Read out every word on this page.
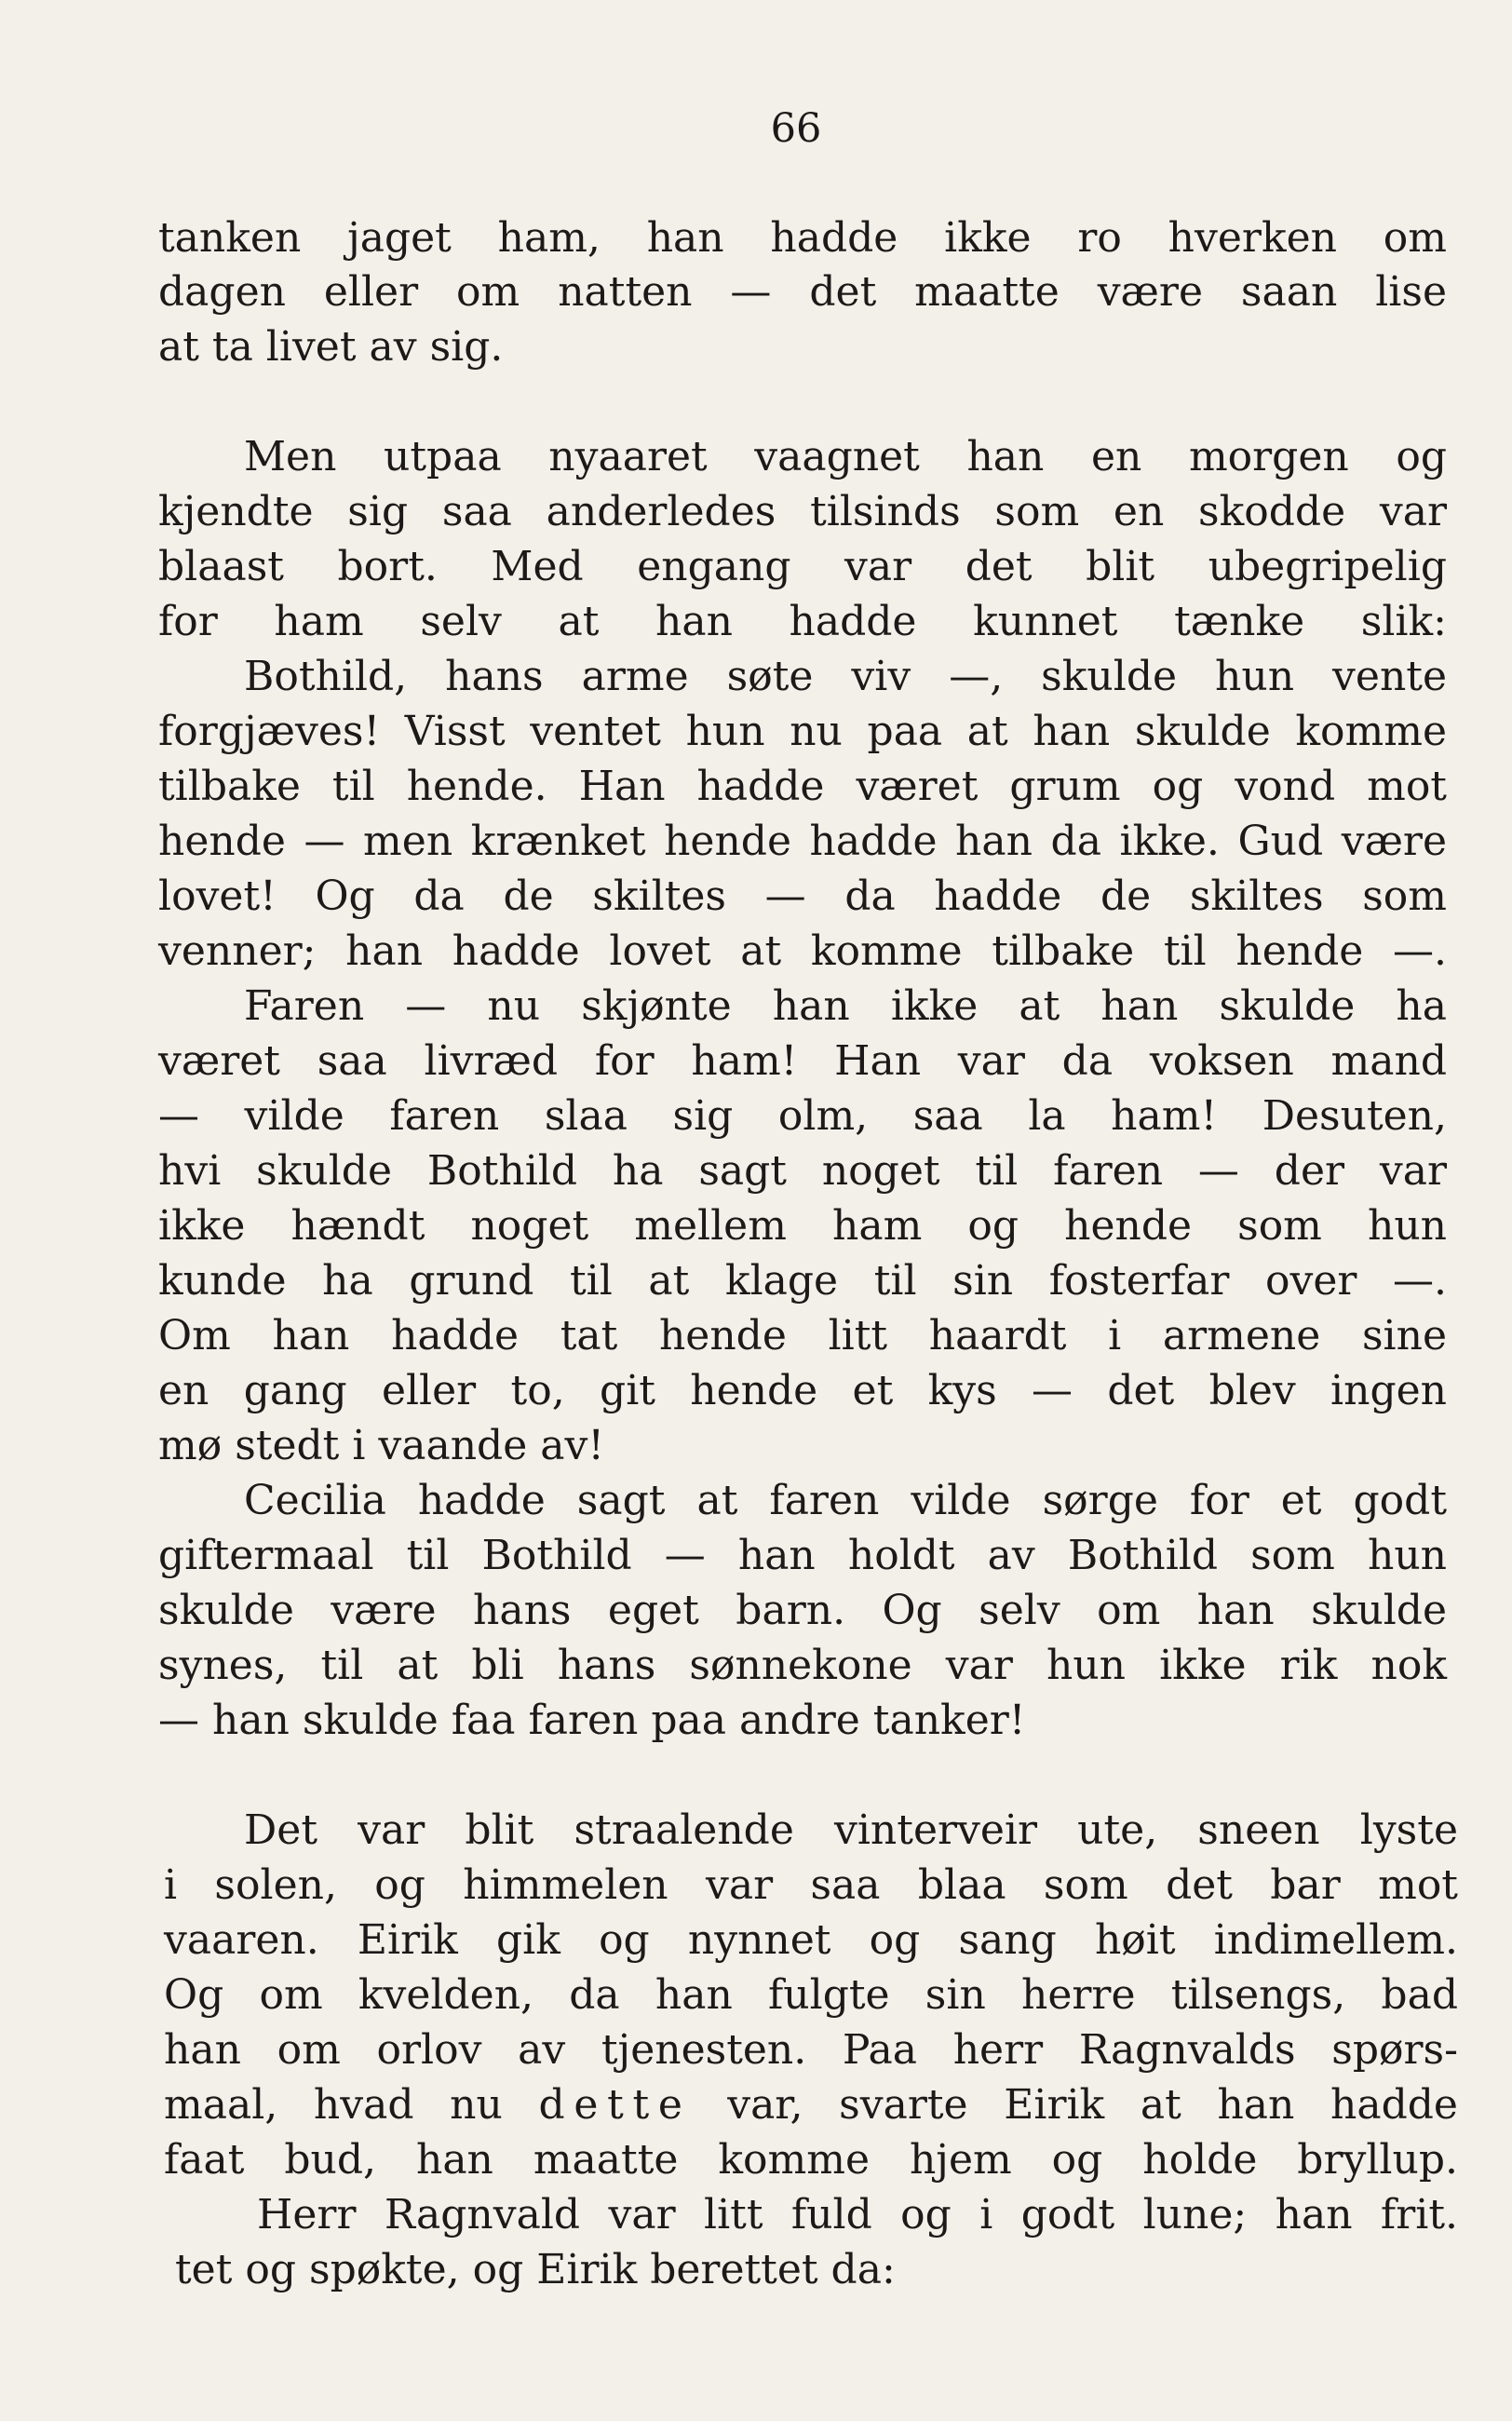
66
tanken jaget ham, han hadde ikke ro hverken om
dagen eller om natten — det maatte være saan lise
at ta livet av sig.
Men utpaa nyaaret vaagnet han en morgen og
kjendte sig saa anderledes tilsinds som en skodde var
blaast bort. Med engang var det blit ubegripelig
for ham selv at han hadde kunnet tænke slik:
Bothild, hans arme søte viv —, skulde hun vente
forgjæves! Visst ventet hun nu paa at han skulde komme
tilbake til hende. Han hadde været grum og vond mot
hende — men krænket hende hadde han da ikke. Gud være
lovet! Og da de skiltes — da hadde de skiltes som
venner; han hadde lovet at komme tilbake til hende —.
Faren — nu skjønte han ikke at han skulde ha
været saa livræd for ham! Han var da voksen mand
— vilde faren slaa sig olm, saa la ham! Desuten,
hvi skulde Bothild ha sagt noget til faren — der var
ikke hændt noget mellem ham og hende som hun
kunde ha grund til at klage til sin fosterfar over —.
Om han hadde tat hende litt haardt i armene sine
en gang eller to, git hende et kys — det blev ingen
mø stedt i vaande av!
Cecilia hadde sagt at faren vilde sørge for et godt
giftermaal til Bothild — han holdt av Bothild som hun
skulde være hans eget barn. Og selv om han skulde
synes, til at bli hans sønnekone var hun ikke rik nok
— han skulde faa faren paa andre tanker!
Det var blit straalende vinterveir ute, sneen lyste
i solen, og himmelen var saa blaa som det bar mot
vaaren. Eirik gik og nynnet og sang høit indimellem.
Og om kvelden, da han fulgte sin herre tilsengs, bad
han om orlov av tjenesten. Paa herr Ragnvalds spørs-
maal, hvad nu dette var, svarte Eirik at han hadde
faat bud, han maatte komme hjem og holde bryllup.
Herr Ragnvald var litt fuld og i godt lune; han frit.
tet og spøkte, og Eirik berettet da:
